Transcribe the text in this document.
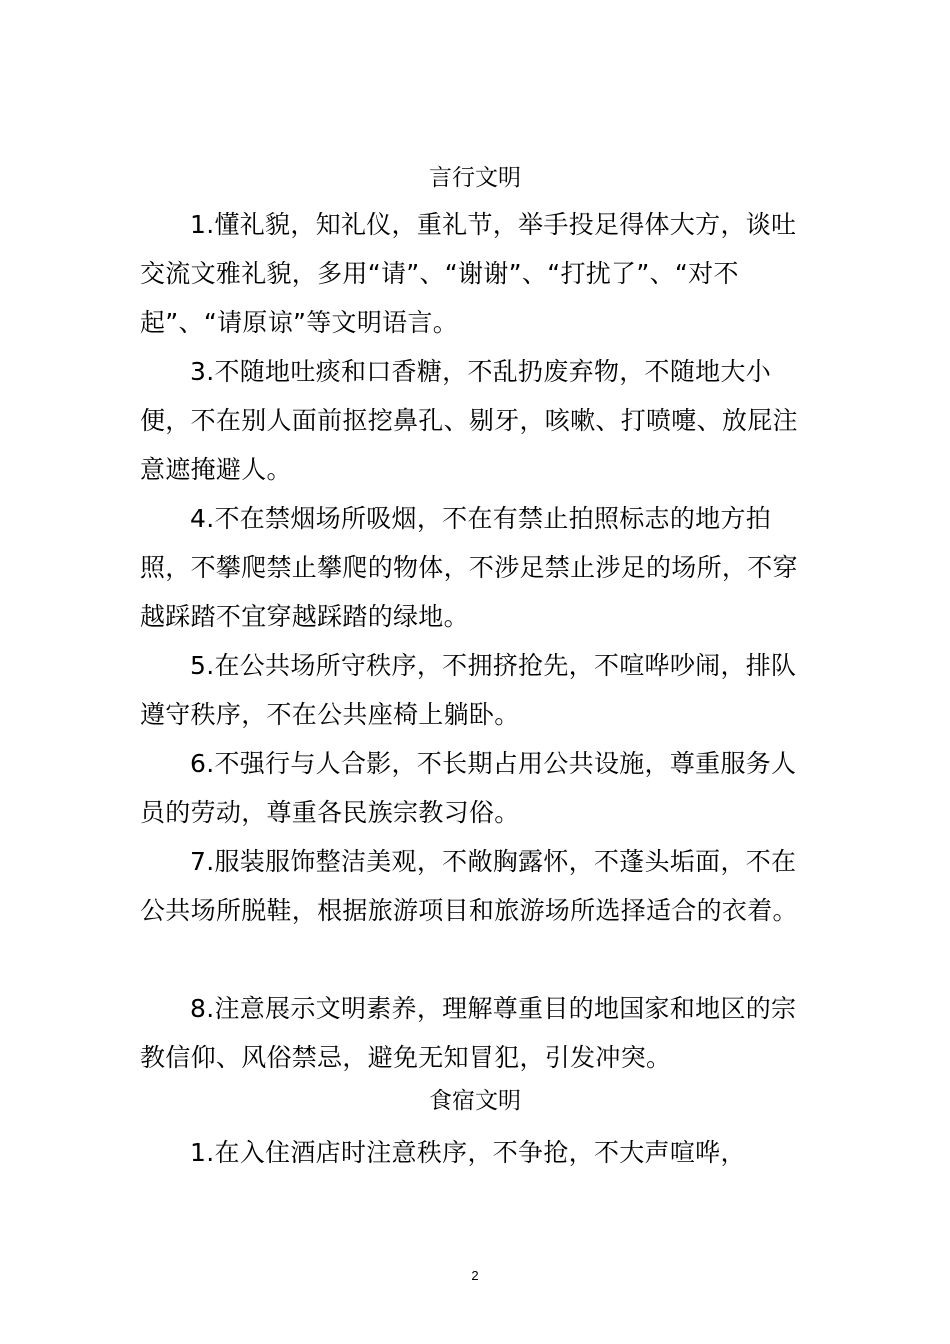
言行文明

1.懂礼貌，知礼仪，重礼节，举手投足得体大方，谈吐交流文雅礼貌，多用“请”、“谢谢”、“打扰了”、“对不起”、“请原谅”等文明语言。

3.不随地吐痰和口香糖，不乱扔废弃物，不随地大小便，不在别人面前抠挖鼻孔、剔牙，咳嗽、打喷嚏、放屁注意遮掩避人。

4.不在禁烟场所吸烟，不在有禁止拍照标志的地方拍照，不攀爬禁止攀爬的物体，不涉足禁止涉足的场所，不穿越踩踏不宜穿越踩踏的绿地。

5.在公共场所守秩序，不拥挤抢先，不喧哗吵闹，排队遵守秩序，不在公共座椅上躺卧。

6.不强行与人合影，不长期占用公共设施，尊重服务人员的劳动，尊重各民族宗教习俗。

7.服装服饰整洁美观，不敞胸露怀，不蓬头垢面，不在公共场所脱鞋，根据旅游项目和旅游场所选择适合的衣着。

8.注意展示文明素养，理解尊重目的地国家和地区的宗教信仰、风俗禁忌，避免无知冒犯，引发冲突。

食宿文明

1.在入住酒店时注意秩序，不争抢，不大声喧哗，

2
